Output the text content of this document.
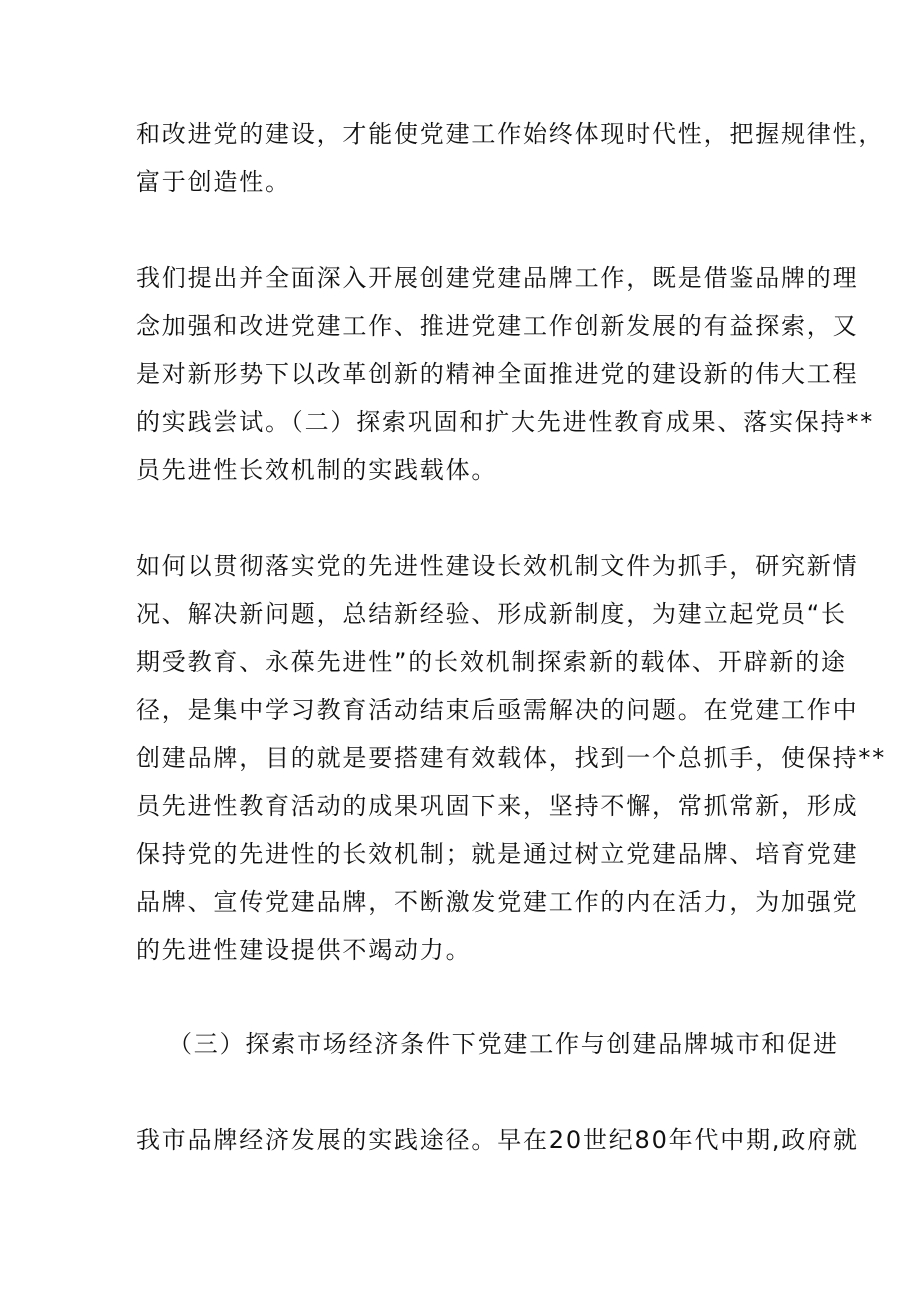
和改进党的建设，才能使党建工作始终体现时代性，把握规律性，
富于创造性。

我们提出并全面深入开展创建党建品牌工作，既是借鉴品牌的理
念加强和改进党建工作、推进党建工作创新发展的有益探索，又
是对新形势下以改革创新的精神全面推进党的建设新的伟大工程
的实践尝试。（二）探索巩固和扩大先进性教育成果、落实保持**
员先进性长效机制的实践载体。

如何以贯彻落实党的先进性建设长效机制文件为抓手，研究新情
况、解决新问题，总结新经验、形成新制度，为建立起党员“长
期受教育、永葆先进性”的长效机制探索新的载体、开辟新的途
径，是集中学习教育活动结束后亟需解决的问题。在党建工作中
创建品牌，目的就是要搭建有效载体，找到一个总抓手，使保持**
员先进性教育活动的成果巩固下来，坚持不懈，常抓常新，形成
保持党的先进性的长效机制；就是通过树立党建品牌、培育党建
品牌、宣传党建品牌，不断激发党建工作的内在活力，为加强党
的先进性建设提供不竭动力。

（三）探索市场经济条件下党建工作与创建品牌城市和促进

我市品牌经济发展的实践途径。早在20世纪80年代中期,政府就
